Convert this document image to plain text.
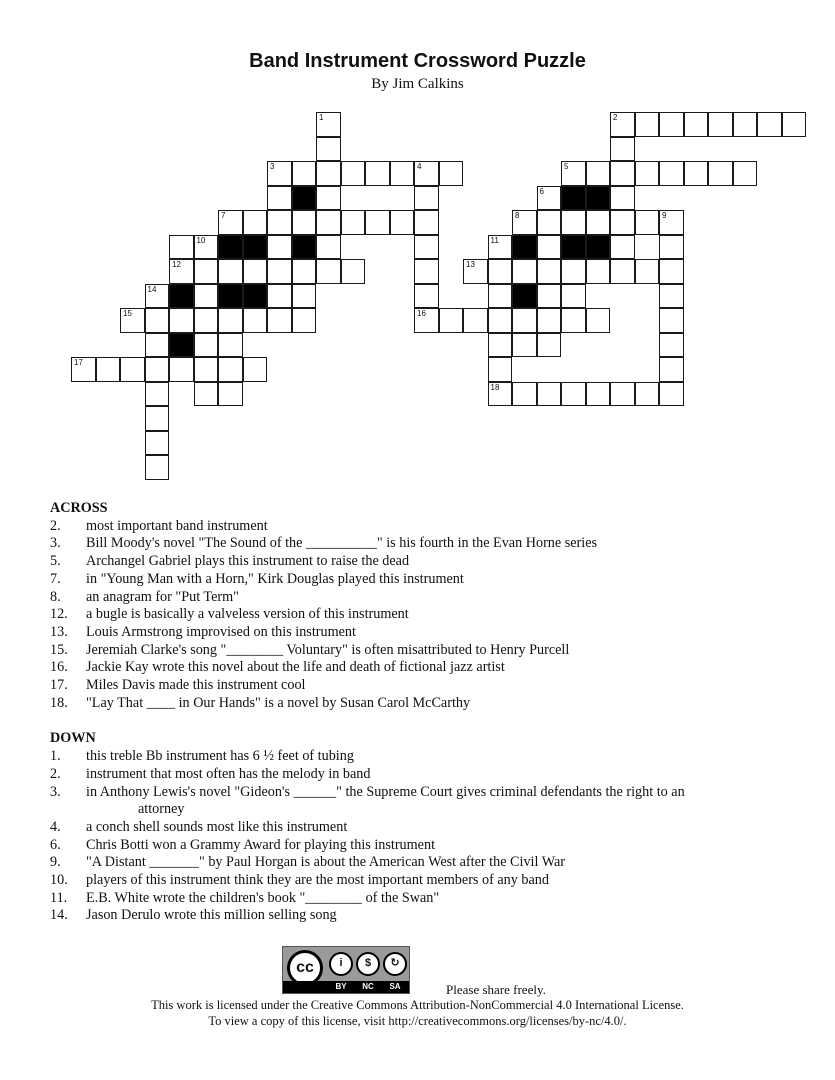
Band Instrument Crossword Puzzle
By Jim Calkins
2
3	4	5
7	8	9
10	11
12	13
14
15	16
17
18
1
6
ACROSS
2. most important band instrument
3. Bill Moody's novel "The Sound of the __________" is his fourth in the Evan Horne series
5. Archangel Gabriel plays this instrument to raise the dead
7. in "Young Man with a Horn," Kirk Douglas played this instrument
8. an anagram for "Put Term"
12. a bugle is basically a valveless version of this instrument
13. Louis Armstrong improvised on this instrument
15. Jeremiah Clarke's song "________ Voluntary" is often misattributed to Henry Purcell
16. Jackie Kay wrote this novel about the life and death of fictional jazz artist
17. Miles Davis made this instrument cool
18. "Lay That ____ in Our Hands" is a novel by Susan Carol McCarthy
DOWN
1. this treble Bb instrument has 6 ½ feet of tubing
2. instrument that most often has the melody in band
3. in Anthony Lewis's novel "Gideon's ______" the Supreme Court gives criminal defendants the right to an
attorney
4. a conch shell sounds most like this instrument
6. Chris Botti won a Grammy Award for playing this instrument
9. "A Distant _______" by Paul Horgan is about the American West after the Civil War
10. players of this instrument think they are the most important members of any band
11. E.B. White wrote the children's book "________ of the Swan"
14. Jason Derulo wrote this million selling song
cc	i	$	↻
BY	NC	SA	Please share freely.
This work is licensed under the Creative Commons Attribution-NonCommercial 4.0 International License.
To view a copy of this license, visit http://creativecommons.org/licenses/by-nc/4.0/.
